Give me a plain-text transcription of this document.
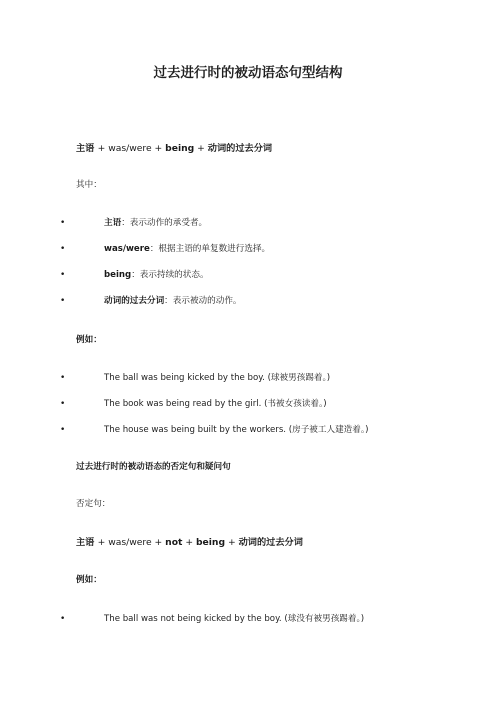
过去进行时的被动语态句型结构
主语 + was/were + being + 动词的过去分词
其中：
•	主语：表示动作的承受者。
•	was/were：根据主语的单复数进行选择。
•	being：表示持续的状态。
•	动词的过去分词：表示被动的动作。
例如：
•	The ball was being kicked by the boy. (球被男孩踢着。)
•	The book was being read by the girl. (书被女孩读着。)
•	The house was being built by the workers. (房子被工人建造着。)
过去进行时的被动语态的否定句和疑问句
否定句：
主语 + was/were + not + being + 动词的过去分词
例如：
•	The ball was not being kicked by the boy. (球没有被男孩踢着。)
